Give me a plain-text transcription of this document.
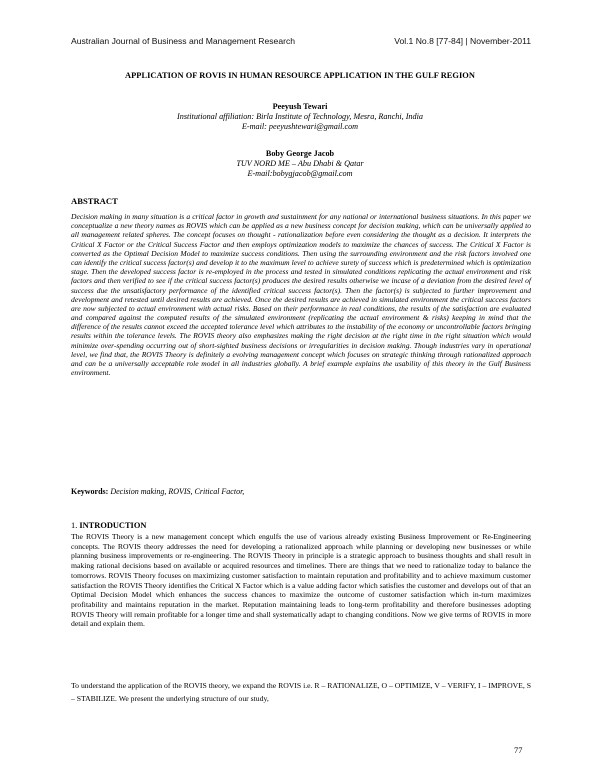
Australian Journal of Business and Management Research	Vol.1 No.8 [77-84] | November-2011
APPLICATION OF ROVIS IN HUMAN RESOURCE APPLICATION IN THE GULF REGION
Peeyush Tewari
Institutional affiliation: Birla Institute of Technology, Mesra, Ranchi, India
E-mail: peeyushtewari@gmail.com
Boby George Jacob
TUV NORD ME – Abu Dhabi & Qatar
E-mail:bobygjacob@gmail.com
ABSTRACT
Decision making in many situation is a critical factor in growth and sustainment for any national or international business situations. In this paper we conceptualize a new theory names as ROVIS which can be applied as a new business concept for decision making, which can be universally applied to all management related spheres. The concept focuses on thought - rationalization before even considering the thought as a decision. It interprets the Critical X Factor or the Critical Success Factor and then employs optimization models to maximize the chances of success. The Critical X Factor is converted as the Optimal Decision Model to maximize success conditions. Then using the surrounding environment and the risk factors involved one can identify the critical success factor(s) and develop it to the maximum level to achieve surety of success which is predetermined which is optimization stage. Then the developed success factor is re-employed in the process and tested in simulated conditions replicating the actual environment and risk factors and then verified to see if the critical success factor(s) produces the desired results otherwise we incase of a deviation from the desired level of success due the unsatisfactory performance of the identified critical success factor(s). Then the factor(s) is subjected to further improvement and development and retested until desired results are achieved. Once the desired results are achieved in simulated environment the critical success factors are now subjected to actual environment with actual risks. Based on their performance in real conditions, the results of the satisfaction are evaluated and compared against the computed results of the simulated environment (replicating the actual environment & risks) keeping in mind that the difference of the results cannot exceed the accepted tolerance level which attributes to the instability of the economy or uncontrollable factors bringing results within the tolerance levels. The ROVIS theory also emphasizes making the right decision at the right time in the right situation which would minimize over-spending occurring out of short-sighted business decisions or irregularities in decision making. Though industries vary in operational level, we find that, the ROVIS Theory is definitely a evolving management concept which focuses on strategic thinking through rationalized approach and can be a universally acceptable role model in all industries globally. A brief example explains the usability of this theory in the Gulf Business environment.
Keywords: Decision making, ROVIS, Critical Factor,
1. INTRODUCTION
The ROVIS Theory is a new management concept which engulfs the use of various already existing Business Improvement or Re-Engineering concepts. The ROVIS theory addresses the need for developing a rationalized approach while planning or developing new businesses or while planning business improvements or re-engineering. The ROVIS Theory in principle is a strategic approach to business thoughts and shall result in making rational decisions based on available or acquired resources and timelines. There are things that we need to rationalize today to balance the tomorrows. ROVIS Theory focuses on maximizing customer satisfaction to maintain reputation and profitability and to achieve maximum customer satisfaction the ROVIS Theory identifies the Critical X Factor which is a value adding factor which satisfies the customer and develops out of that an Optimal Decision Model which enhances the success chances to maximize the outcome of customer satisfaction which in-turn maximizes profitability and maintains reputation in the market. Reputation maintaining leads to long-term profitability and therefore businesses adopting ROVIS Theory will remain profitable for a longer time and shall systematically adapt to changing conditions. Now we give terms of ROVIS in more detail and explain them.
To understand the application of the ROVIS theory, we expand the ROVIS i.e. R – RATIONALIZE, O – OPTIMIZE, V – VERIFY, I – IMPROVE, S – STABILIZE. We present the underlying structure of our study,
77
